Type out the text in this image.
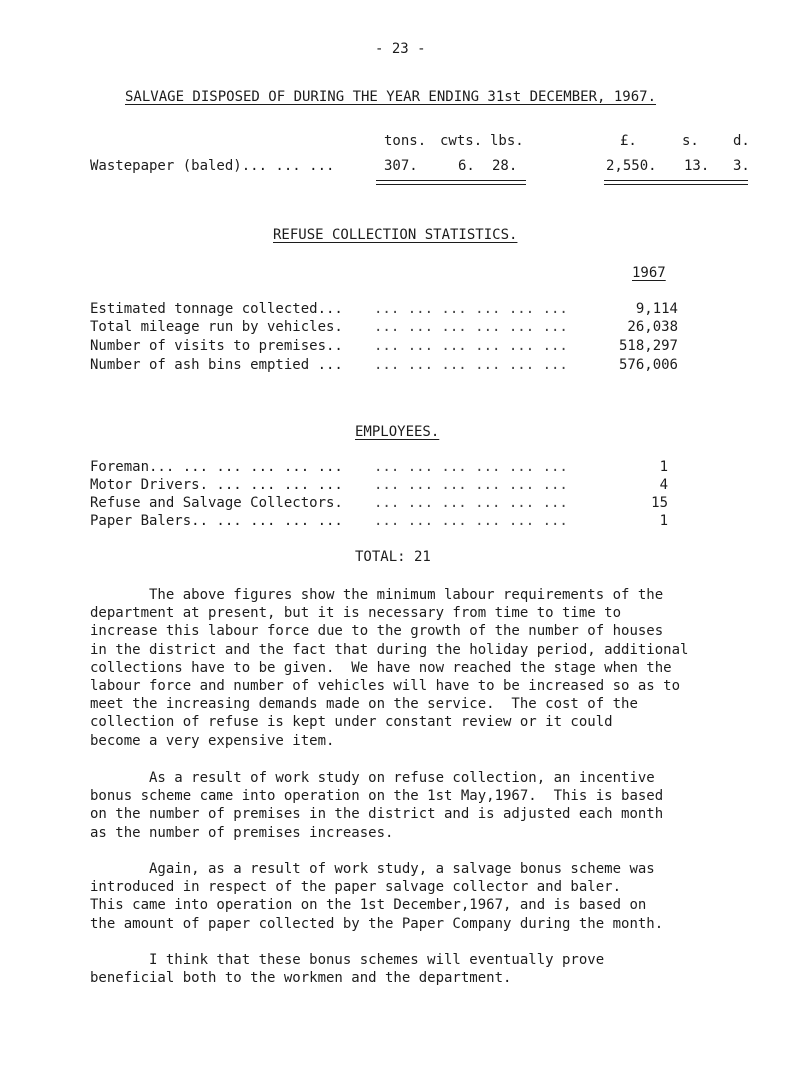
- 23 -
SALVAGE DISPOSED OF DURING THE YEAR ENDING 31st DECEMBER, 1967.
tons. cwts. lbs.	£.	s. d.
Wastepaper (baled)... ... ...	307.	6. 28.	2,550. 13. 3.
REFUSE COLLECTION STATISTICS.
1967
Estimated tonnage collected... ... ... ... ... ... ...	9,114
Total mileage run by vehicles. ... ... ... ... ... ...	26,038
Number of visits to premises.. ... ... ... ... ... ...	518,297
Number of ash bins emptied ... ... ... ... ... ... ...	576,006
EMPLOYEES.
Foreman... ... ... ... ... ... ... ... ... ... ... ...	1
Motor Drivers. ... ... ... ... ... ... ... ... ... ...	4
Refuse and Salvage Collectors. ... ... ... ... ... ...	15
Paper Balers.. ... ... ... ... ... ... ... ... ... ...	1
TOTAL: 21
The above figures show the minimum labour requirements of the
department at present, but it is necessary from time to time to
increase this labour force due to the growth of the number of houses
in the district and the fact that during the holiday period, additional
collections have to be given.  We have now reached the stage when the
labour force and number of vehicles will have to be increased so as to
meet the increasing demands made on the service.  The cost of the
collection of refuse is kept under constant review or it could
become a very expensive item.
As a result of work study on refuse collection, an incentive
bonus scheme came into operation on the 1st May,1967.  This is based
on the number of premises in the district and is adjusted each month
as the number of premises increases.
Again, as a result of work study, a salvage bonus scheme was
introduced in respect of the paper salvage collector and baler.
This came into operation on the 1st December,1967, and is based on
the amount of paper collected by the Paper Company during the month.
I think that these bonus schemes will eventually prove
beneficial both to the workmen and the department.
